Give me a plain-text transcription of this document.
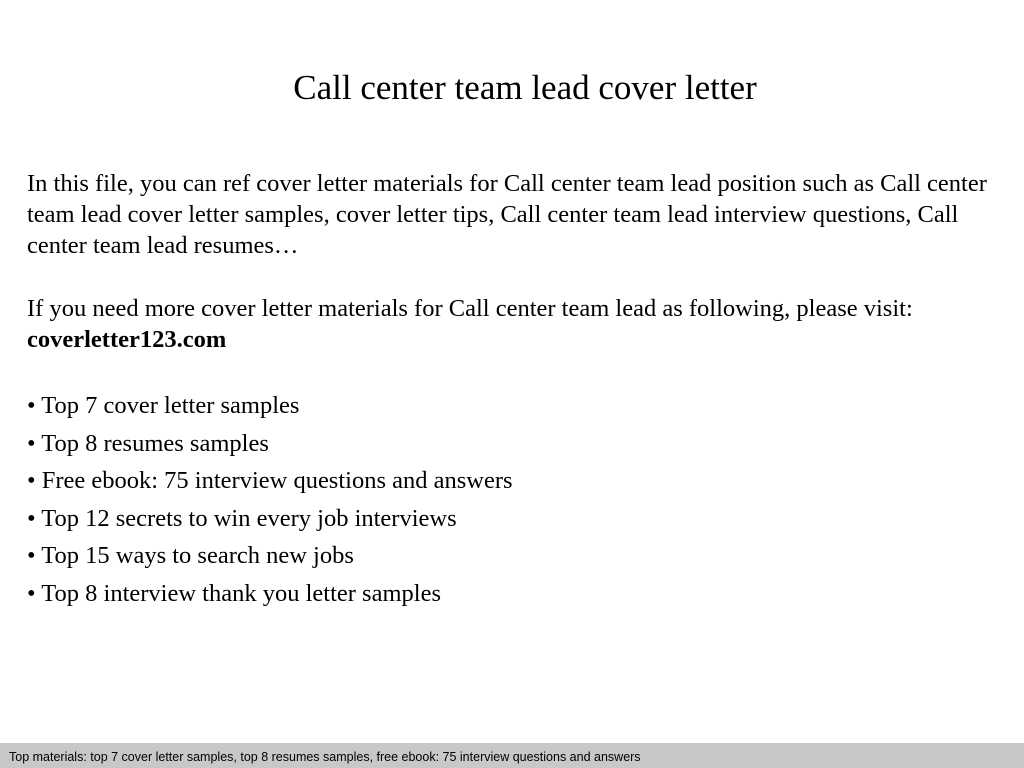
Call center team lead cover letter
In this file, you can ref cover letter materials for Call center team lead position such as Call center team lead cover letter samples, cover letter tips, Call center team lead interview questions, Call center team lead resumes…
If you need more cover letter materials for Call center team lead as following, please visit: coverletter123.com
• Top 7 cover letter samples
• Top 8 resumes samples
• Free ebook: 75 interview questions and answers
• Top 12 secrets to win every job interviews
• Top 15 ways to search new jobs
• Top 8 interview thank you letter samples
Top materials: top 7 cover letter samples, top 8 resumes samples, free ebook: 75 interview questions and answers
